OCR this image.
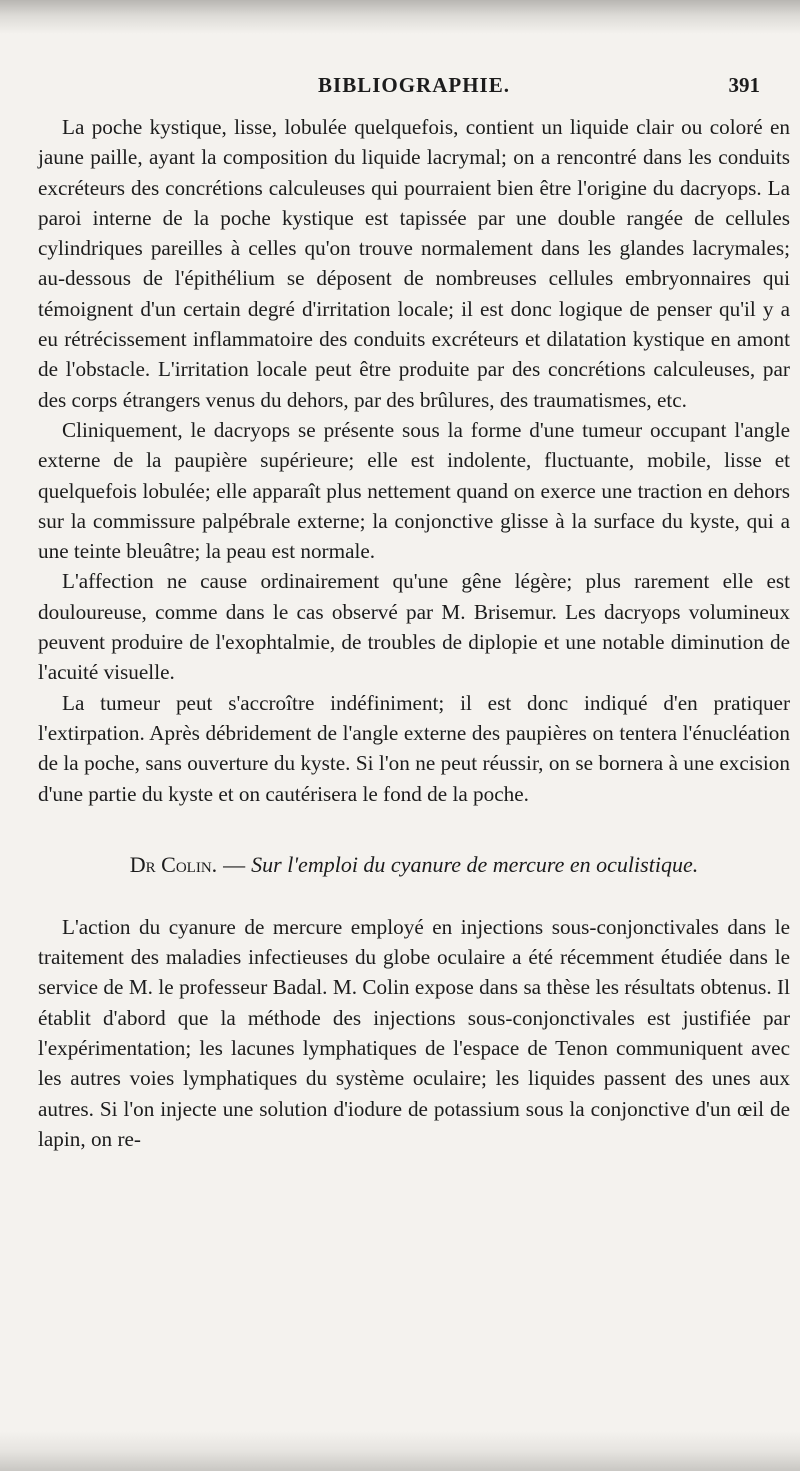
BIBLIOGRAPHIE.	391

La poche kystique, lisse, lobulée quelquefois, contient un liquide clair ou coloré en jaune paille, ayant la composition du liquide lacrymal; on a rencontré dans les conduits excréteurs des concrétions calculeuses qui pourraient bien être l'origine du dacryops. La paroi interne de la poche kystique est tapissée par une double rangée de cellules cylindriques pareilles à celles qu'on trouve normalement dans les glandes lacrymales; au-dessous de l'épithélium se déposent de nombreuses cellules embryonnaires qui témoignent d'un certain degré d'irritation locale; il est donc logique de penser qu'il y a eu rétrécissement inflammatoire des conduits excréteurs et dilatation kystique en amont de l'obstacle. L'irritation locale peut être produite par des concrétions calculeuses, par des corps étrangers venus du dehors, par des brûlures, des traumatismes, etc.

Cliniquement, le dacryops se présente sous la forme d'une tumeur occupant l'angle externe de la paupière supérieure; elle est indolente, fluctuante, mobile, lisse et quelquefois lobulée; elle apparaît plus nettement quand on exerce une traction en dehors sur la commissure palpébrale externe; la conjonctive glisse à la surface du kyste, qui a une teinte bleuâtre; la peau est normale.

L'affection ne cause ordinairement qu'une gêne légère; plus rarement elle est douloureuse, comme dans le cas observé par M. Brisemur. Les dacryops volumineux peuvent produire de l'exophtalmie, de troubles de diplopie et une notable diminution de l'acuité visuelle.

La tumeur peut s'accroître indéfiniment; il est donc indiqué d'en pratiquer l'extirpation. Après débridement de l'angle externe des paupières on tentera l'énucléation de la poche, sans ouverture du kyste. Si l'on ne peut réussir, on se bornera à une excision d'une partie du kyste et on cautérisera le fond de la poche.

Dr Colin. — Sur l'emploi du cyanure de mercure en oculistique.

L'action du cyanure de mercure employé en injections sous-conjonctivales dans le traitement des maladies infectieuses du globe oculaire a été récemment étudiée dans le service de M. le professeur Badal. M. Colin expose dans sa thèse les résultats obtenus. Il établit d'abord que la méthode des injections sous-conjonctivales est justifiée par l'expérimentation; les lacunes lymphatiques de l'espace de Tenon communiquent avec les autres voies lymphatiques du système oculaire; les liquides passent des unes aux autres. Si l'on injecte une solution d'iodure de potassium sous la conjonctive d'un œil de lapin, on re-
